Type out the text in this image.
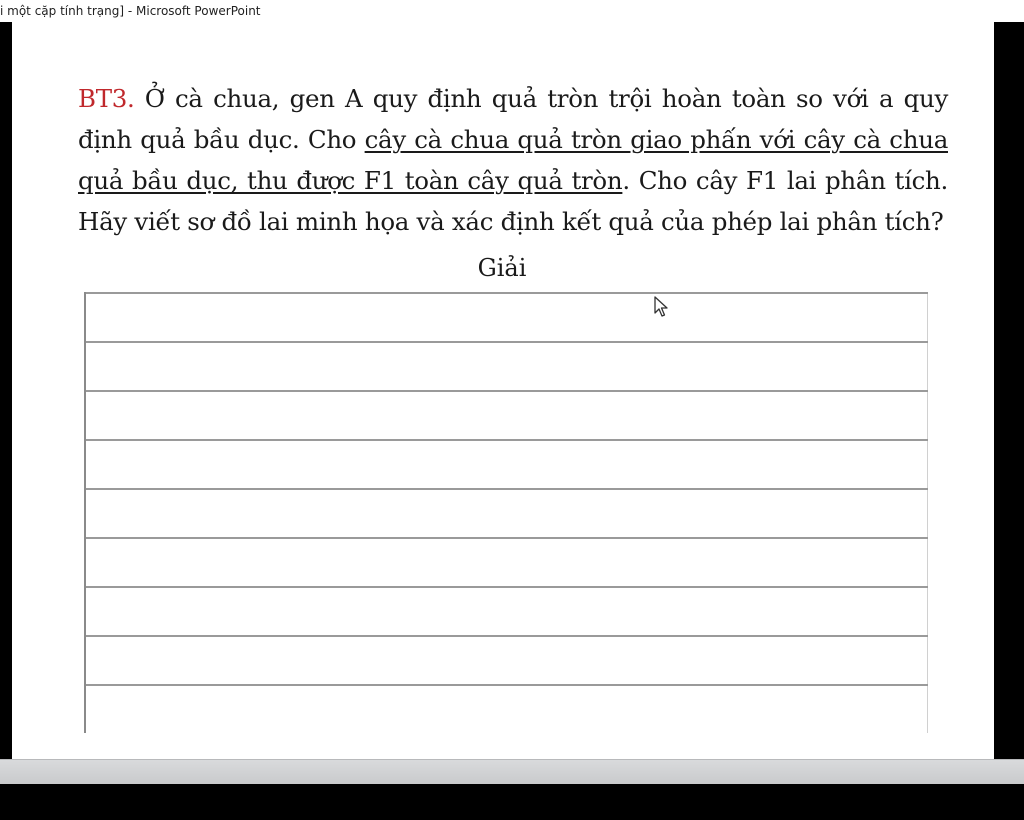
i một cặp tính trạng] - Microsoft PowerPoint
BT3. Ở cà chua, gen A quy định quả tròn trội hoàn toàn so với a quy định quả bầu dục. Cho cây cà chua quả tròn giao phấn với cây cà chua quả bầu dục, thu được F1 toàn cây quả tròn. Cho cây F1 lai phân tích. Hãy viết sơ đồ lai minh họa và xác định kết quả của phép lai phân tích?
Giải
